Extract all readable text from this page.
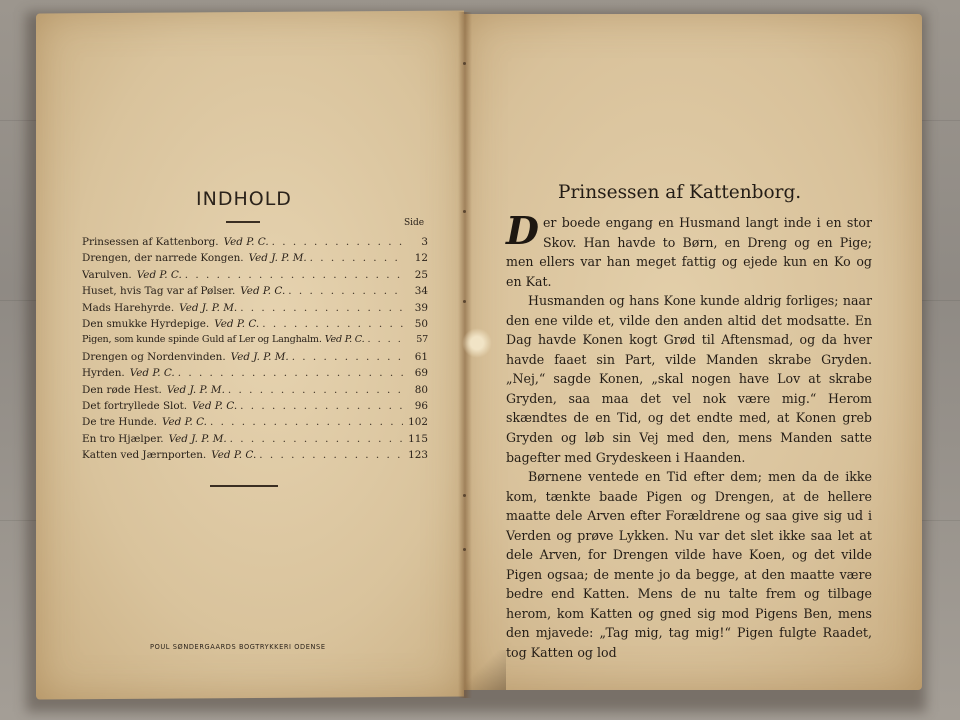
INDHOLD
Side
Prinsessen af Kattenborg. Ved P. C. . . .	3
Drengen, der narrede Kongen. Ved J. P. M. . . .	12
Varulven. Ved P. C. . . .	25
Huset, hvis Tag var af Pølser. Ved P. C. . . .	34
Mads Harehyrde. Ved J. P. M. . . .	39
Den smukke Hyrdepige. Ved P. C. . . .	50
Pigen, som kunde spinde Guld af Ler og Langhalm. Ved P. C. . . .	57
Drengen og Nordenvinden. Ved J. P. M. . . .	61
Hyrden. Ved P. C. . . .	69
Den røde Hest. Ved J. P. M. . . .	80
Det fortryllede Slot. Ved P. C. . . .	96
De tre Hunde. Ved P. C. . . .	102
En tro Hjælper. Ved J. P. M. . . .	115
Katten ved Jærnporten. Ved P. C. . . .	123
POUL SØNDERGAARDS BOGTRYKKERI ODENSE
Prinsessen af Kattenborg.

Der boede engang en Husmand langt inde i en stor Skov. Han havde to Børn, en Dreng og en Pige; men ellers var han meget fattig og ejede kun en Ko og en Kat.

Husmanden og hans Kone kunde aldrig forliges; naar den ene vilde et, vilde den anden altid det modsatte. En Dag havde Konen kogt Grød til Aftensmad, og da hver havde faaet sin Part, vilde Manden skrabe Gryden. „Nej,“ sagde Konen, „skal nogen have Lov at skrabe Gryden, saa maa det vel nok være mig.“ Herom skændtes de en Tid, og det endte med, at Konen greb Gryden og løb sin Vej med den, mens Manden satte bagefter med Grydeskeen i Haanden.

Børnene ventede en Tid efter dem; men da de ikke kom, tænkte baade Pigen og Drengen, at de hellere maatte dele Arven efter Forældrene og saa give sig ud i Verden og prøve Lykken. Nu var det slet ikke saa let at dele Arven, for Drengen vilde have Koen, og det vilde Pigen ogsaa; de mente jo da begge, at den maatte være bedre end Katten. Mens de nu talte frem og tilbage herom, kom Katten og gned sig mod Pigens Ben, mens den mjavede: „Tag mig, tag mig!“ Pigen fulgte Raadet, tog Katten og lod
